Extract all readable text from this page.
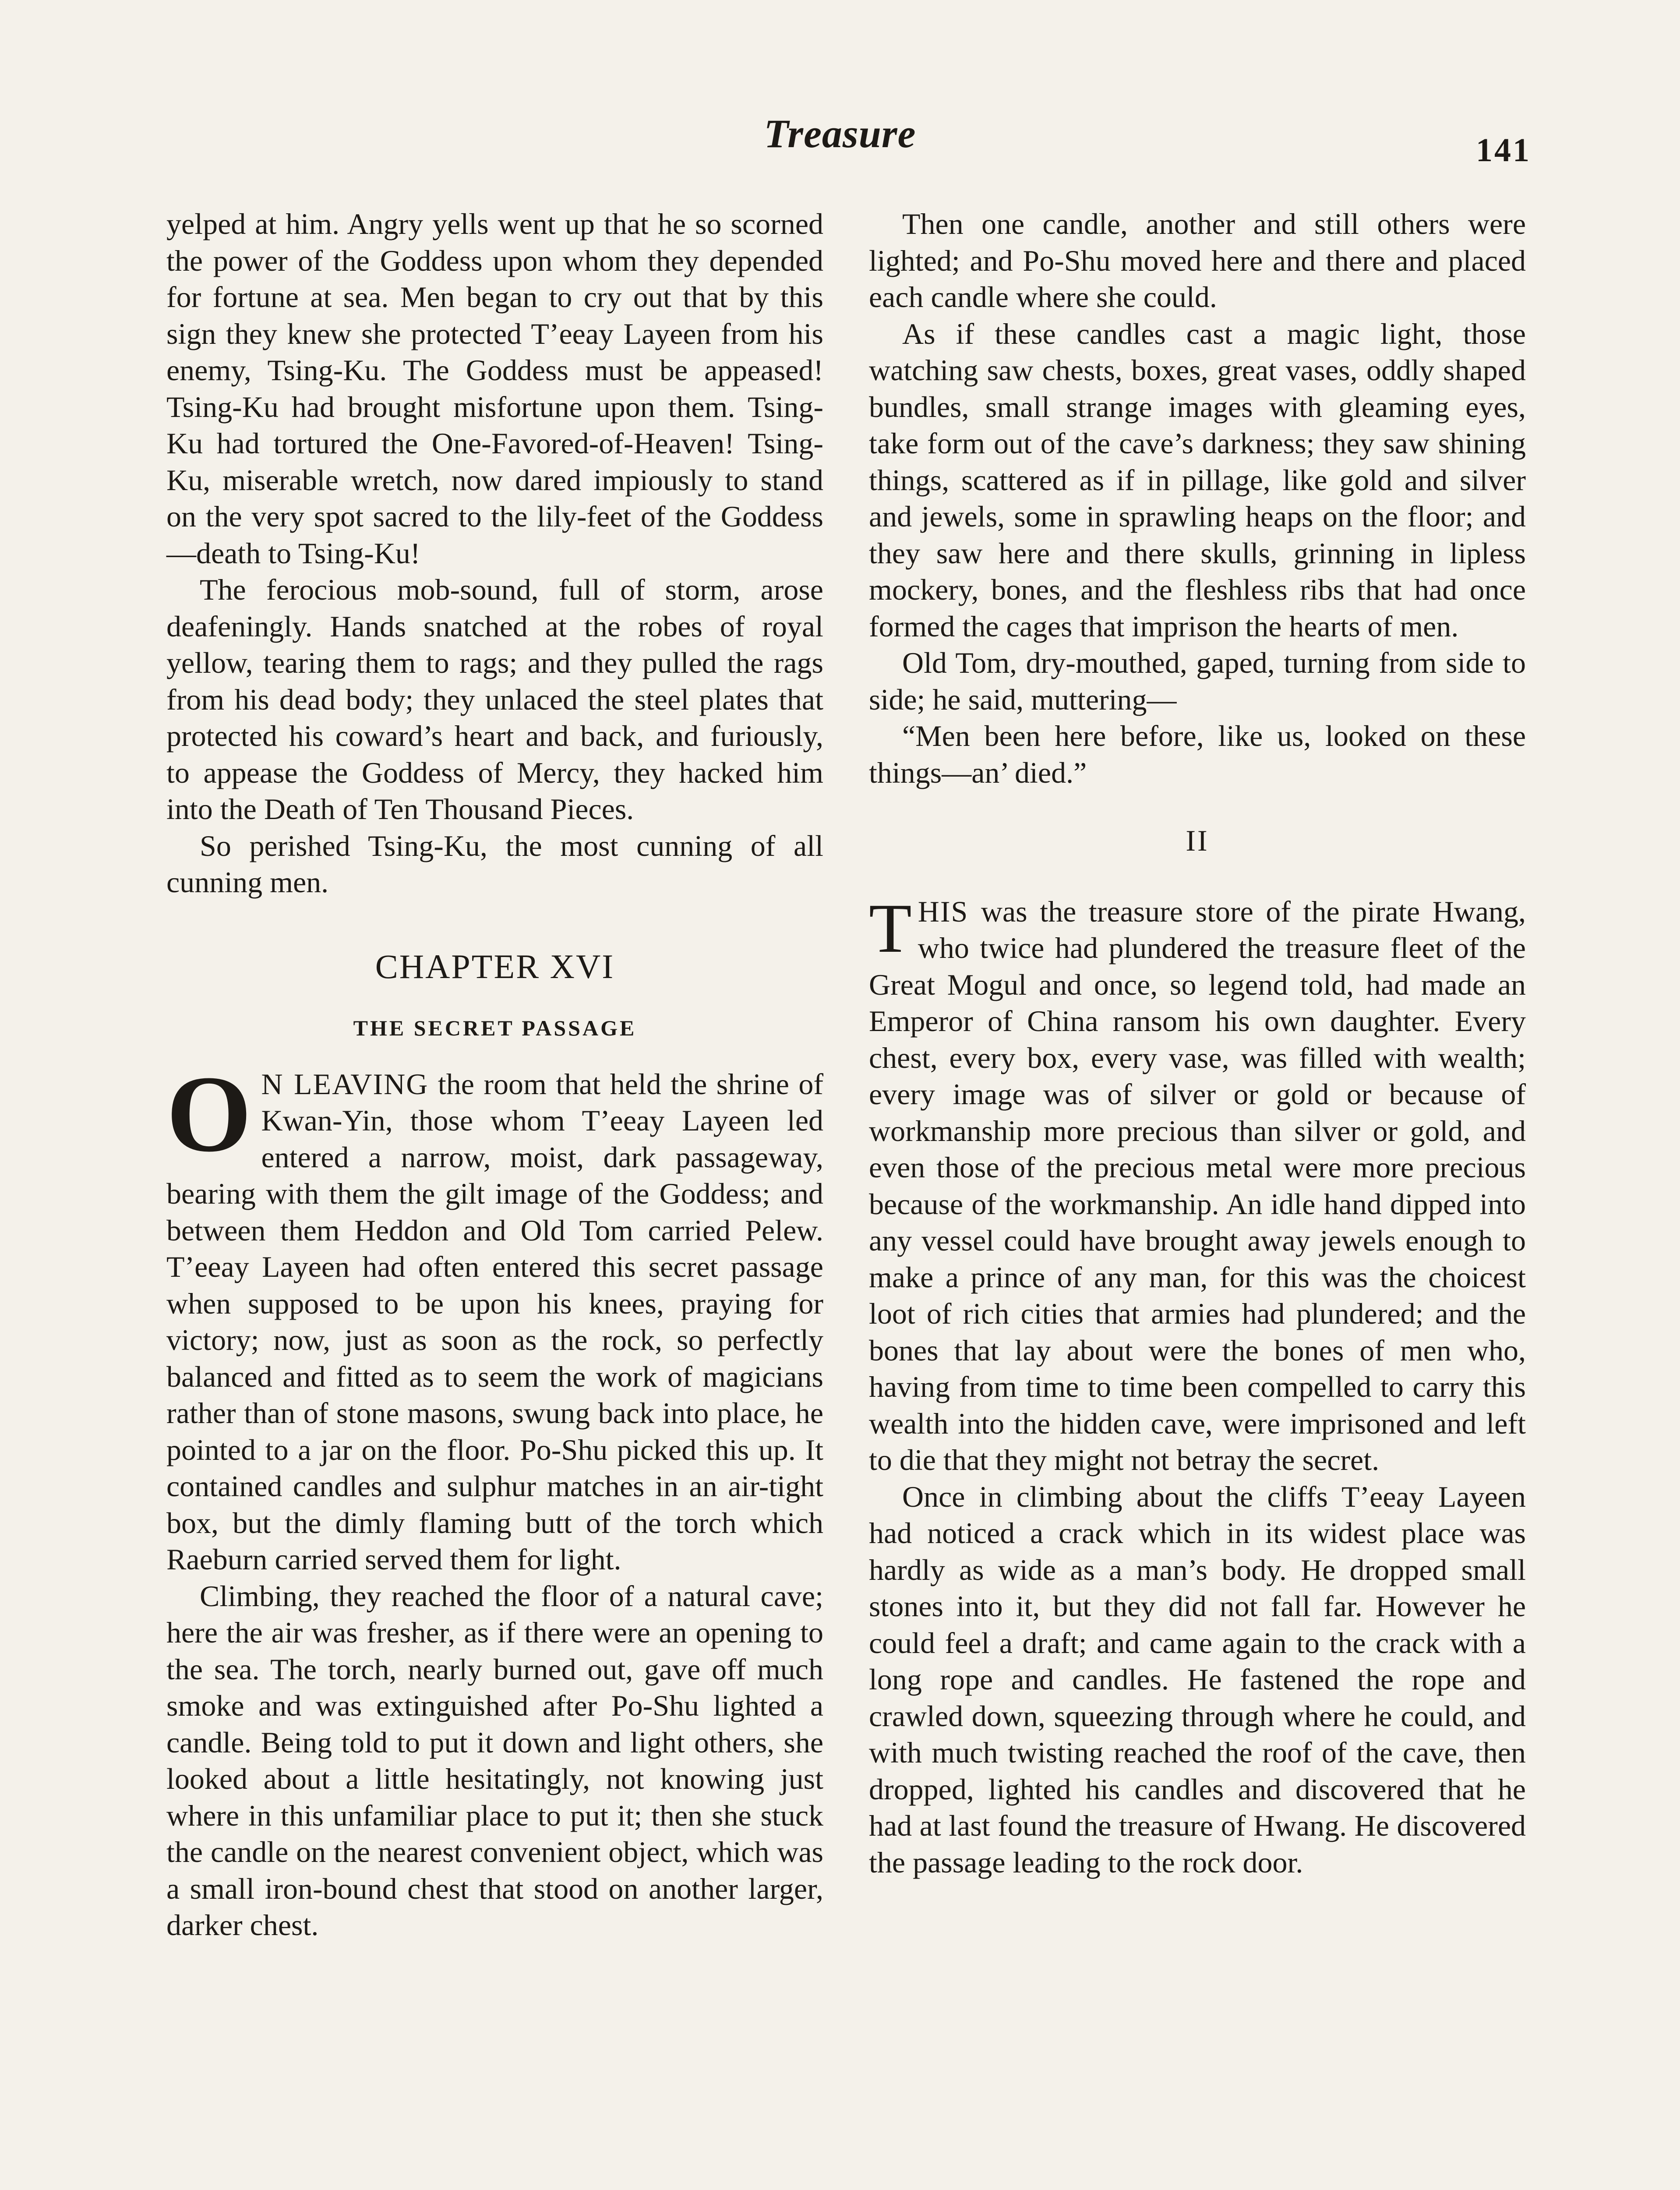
Treasure	141

yelped at him. Angry yells went up that he so scorned the power of the Goddess upon whom they depended for fortune at sea. Men began to cry out that by this sign they knew she protected T’eeay Layeen from his enemy, Tsing-Ku. The Goddess must be appeased! Tsing-Ku had brought misfortune upon them. Tsing-Ku had tortured the One-Favored-of-Heaven! Tsing-Ku, miserable wretch, now dared impiously to stand on the very spot sacred to the lily-feet of the Goddess—death to Tsing-Ku!

The ferocious mob-sound, full of storm, arose deafeningly. Hands snatched at the robes of royal yellow, tearing them to rags; and they pulled the rags from his dead body; they unlaced the steel plates that protected his coward’s heart and back, and furiously, to appease the Goddess of Mercy, they hacked him into the Death of Ten Thousand Pieces.

So perished Tsing-Ku, the most cunning of all cunning men.

CHAPTER XVI
THE SECRET PASSAGE

O N LEAVING the room that held the shrine of Kwan-Yin, those whom T’eeay Layeen led entered a narrow, moist, dark passageway, bearing with them the gilt image of the Goddess; and between them Heddon and Old Tom carried Pelew. T’eeay Layeen had often entered this secret passage when supposed to be upon his knees, praying for victory; now, just as soon as the rock, so perfectly balanced and fitted as to seem the work of magicians rather than of stone masons, swung back into place, he pointed to a jar on the floor. Po-Shu picked this up. It contained candles and sulphur matches in an air-tight box, but the dimly flaming butt of the torch which Raeburn carried served them for light.

Climbing, they reached the floor of a natural cave; here the air was fresher, as if there were an opening to the sea. The torch, nearly burned out, gave off much smoke and was extinguished after Po-Shu lighted a candle. Being told to put it down and light others, she looked about a little hesitatingly, not knowing just where in this unfamiliar place to put it; then she stuck the candle on the nearest convenient object, which was a small iron-bound chest that stood on another larger, darker chest.

Then one candle, another and still others were lighted; and Po-Shu moved here and there and placed each candle where she could.

As if these candles cast a magic light, those watching saw chests, boxes, great vases, oddly shaped bundles, small strange images with gleaming eyes, take form out of the cave’s darkness; they saw shining things, scattered as if in pillage, like gold and silver and jewels, some in sprawling heaps on the floor; and they saw here and there skulls, grinning in lipless mockery, bones, and the fleshless ribs that had once formed the cages that imprison the hearts of men.

Old Tom, dry-mouthed, gaped, turning from side to side; he said, muttering—

“Men been here before, like us, looked on these things—an’ died.”

II

THIS was the treasure store of the pirate Hwang, who twice had plundered the treasure fleet of the Great Mogul and once, so legend told, had made an Emperor of China ransom his own daughter. Every chest, every box, every vase, was filled with wealth; every image was of silver or gold or because of workmanship more precious than silver or gold, and even those of the precious metal were more precious because of the workmanship. An idle hand dipped into any vessel could have brought away jewels enough to make a prince of any man, for this was the choicest loot of rich cities that armies had plundered; and the bones that lay about were the bones of men who, having from time to time been compelled to carry this wealth into the hidden cave, were imprisoned and left to die that they might not betray the secret.

Once in climbing about the cliffs T’eeay Layeen had noticed a crack which in its widest place was hardly as wide as a man’s body. He dropped small stones into it, but they did not fall far. However he could feel a draft; and came again to the crack with a long rope and candles. He fastened the rope and crawled down, squeezing through where he could, and with much twisting reached the roof of the cave, then dropped, lighted his candles and discovered that he had at last found the treasure of Hwang. He discovered the passage leading to the rock door.
